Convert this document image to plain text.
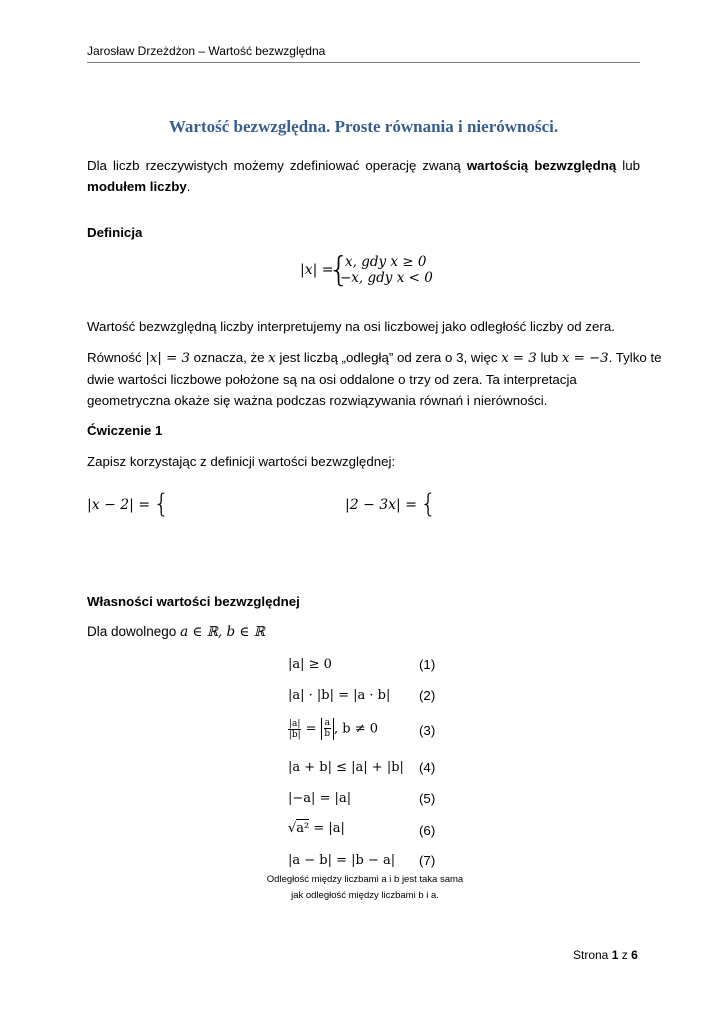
Jarosław Drzeżdżon – Wartość bezwzględna
Wartość bezwzględna. Proste równania i nierówności.
Dla liczb rzeczywistych możemy zdefiniować operację zwaną wartością bezwzględną lub modułem liczby.
Definicja
|x| =
{
x, gdy x ≥ 0
−x, gdy x < 0
Wartość bezwzględną liczby interpretujemy na osi liczbowej jako odległość liczby od zera.
Równość |x| = 3 oznacza, że x jest liczbą „odległą” od zera o 3, więc x = 3 lub x = −3. Tylko te
dwie wartości liczbowe położone są na osi oddalone o trzy od zera. Ta interpretacja
geometryczna okaże się ważna podczas rozwiązywania równań i nierówności.
Ćwiczenie 1
Zapisz korzystając z definicji wartości bezwzględnej:
|x − 2| = {	|2 − 3x| = {
Własności wartości bezwzględnej
Dla dowolnego a ∈ ℝ, b ∈ ℝ
|a| ≥ 0	(1)
|a| · |b| = |a · b| (2)
$\frac{|a|}{|b|} = \frac{a}{b}$ , b ≠ 0	(3)
|a + b| ≤ |a| + |b| (4)
|−a| = |a|	(5)
√a² = |a|	(6)
|a − b| = |b − a| (7)
Odległość między liczbami a i b jest taka sama
jak odległość między liczbami b i a.
Strona 1 z 6
